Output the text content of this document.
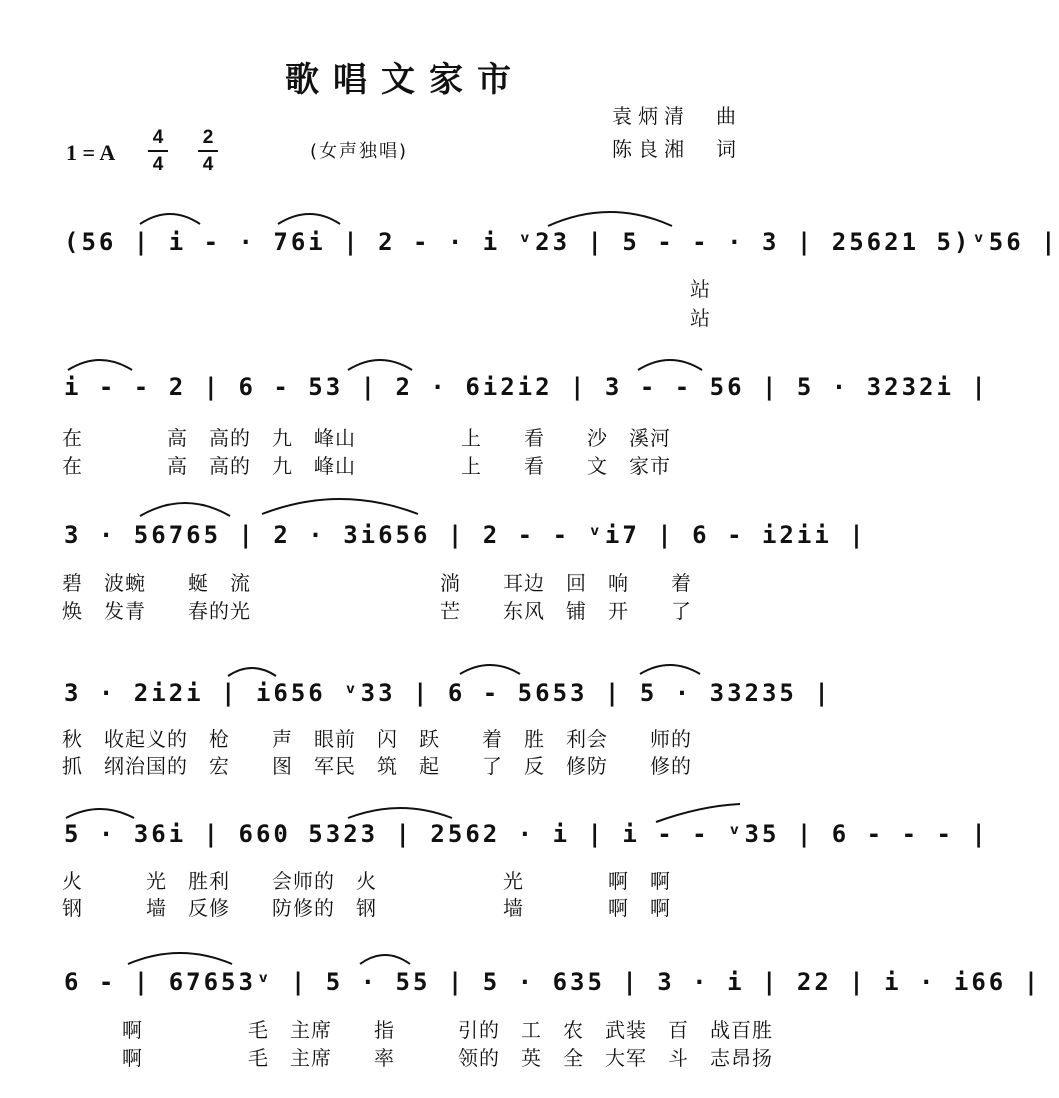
歌唱文家市
袁炳清　曲
陈良湘　词
1 = A
4
4
2
4
(女声独唱)
(56 | i - · 76i | 2 - · i ᵛ23 | 5 - - · 3 | 25621 5)ᵛ56 |
站
站
i - - 2 | 6 - 53 | 2 · 6i2i2 | 3 - - 56 | 5 · 3232i |
在　　　　高　高的　九　峰山　　　　　上　　看　　沙　溪河
在　　　　高　高的　九　峰山　　　　　上　　看　　文　家市
3 · 56765 | 2 · 3i656 | 2 - - ᵛi7 | 6 - i2ii |
碧　波蜿　　蜒　流　　　　　　　　　淌　　耳边　回　响　　着
焕　发青　　春的光　　　　　　　　　芒　　东风　铺　开　　了
3 · 2i2i | i656 ᵛ33 | 6 - 5653 | 5 · 33235 |
秋　收起义的　枪　　声　眼前　闪　跃　　着　胜　利会　　师的
抓　纲治国的　宏　　图　军民　筑　起　　了　反　修防　　修的
5 · 36i | 660 5323 | 2562 · i | i - - ᵛ35 | 6 - - - |
火　　　光　胜利　　会师的　火　　　　　　光　　　　啊　啊
钢　　　墙　反修　　防修的　钢　　　　　　墙　　　　啊　啊
6 - | 67653ᵛ | 5 · 55 | 5 · 635 | 3 · i | 22 | i · i66 |
啊　　　　　毛　主席　　指　　　引的　工　农　武装　百　战百胜
啊　　　　　毛　主席　　率　　　领的　英　全　大军　斗　志昂扬
